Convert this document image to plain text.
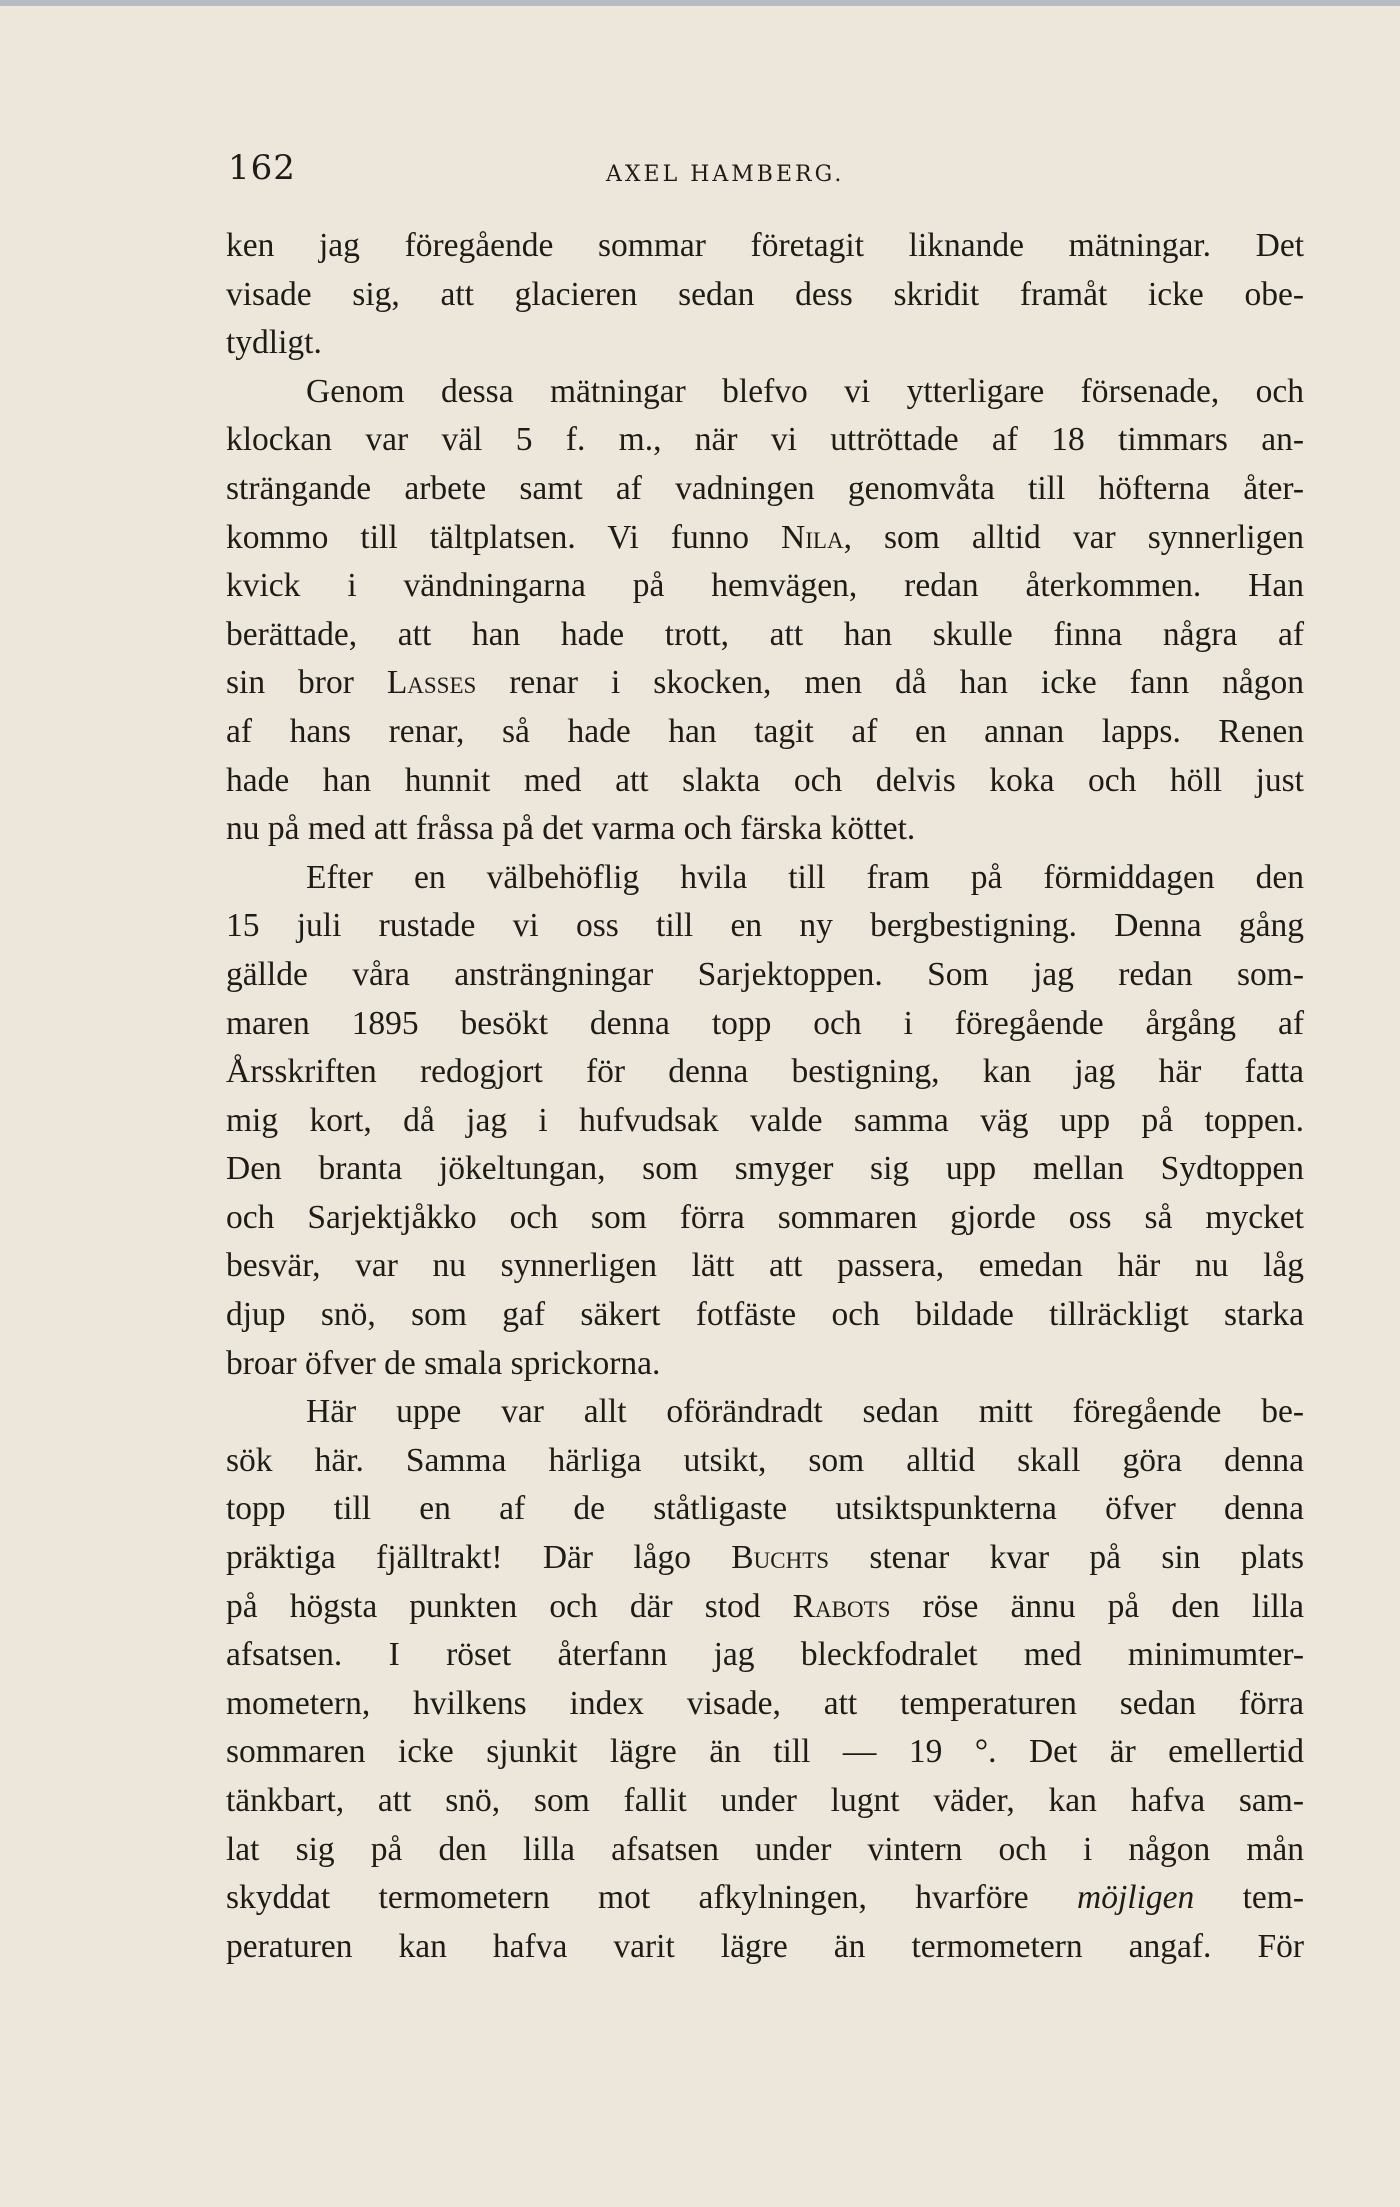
162	AXEL HAMBERG.
ken jag föregående sommar företagit liknande mätningar. Det
visade sig, att glacieren sedan dess skridit framåt icke obe-
tydligt.
Genom dessa mätningar blefvo vi ytterligare försenade, och
klockan var väl 5 f. m., när vi uttröttade af 18 timmars an-
strängande arbete samt af vadningen genomvåta till höfterna åter-
kommo till tältplatsen. Vi funno Nila, som alltid var synnerligen
kvick i vändningarna på hemvägen, redan återkommen. Han
berättade, att han hade trott, att han skulle finna några af
sin bror Lasses renar i skocken, men då han icke fann någon
af hans renar, så hade han tagit af en annan lapps. Renen
hade han hunnit med att slakta och delvis koka och höll just
nu på med att fråssa på det varma och färska köttet.
Efter en välbehöflig hvila till fram på förmiddagen den
15 juli rustade vi oss till en ny bergbestigning. Denna gång
gällde våra ansträngningar Sarjektoppen. Som jag redan som-
maren 1895 besökt denna topp och i föregående årgång af
Årsskriften redogjort för denna bestigning, kan jag här fatta
mig kort, då jag i hufvudsak valde samma väg upp på toppen.
Den branta jökeltungan, som smyger sig upp mellan Sydtoppen
och Sarjektjåkko och som förra sommaren gjorde oss så mycket
besvär, var nu synnerligen lätt att passera, emedan här nu låg
djup snö, som gaf säkert fotfäste och bildade tillräckligt starka
broar öfver de smala sprickorna.
Här uppe var allt oförändradt sedan mitt föregående be-
sök här. Samma härliga utsikt, som alltid skall göra denna
topp till en af de ståtligaste utsiktspunkterna öfver denna
präktiga fjälltrakt! Där lågo Buchts stenar kvar på sin plats
på högsta punkten och där stod Rabots röse ännu på den lilla
afsatsen. I röset återfann jag bleckfodralet med minimumter-
mometern, hvilkens index visade, att temperaturen sedan förra
sommaren icke sjunkit lägre än till — 19 °. Det är emellertid
tänkbart, att snö, som fallit under lugnt väder, kan hafva sam-
lat sig på den lilla afsatsen under vintern och i någon mån
skyddat termometern mot afkylningen, hvarföre möjligen tem-
peraturen kan hafva varit lägre än termometern angaf. För
